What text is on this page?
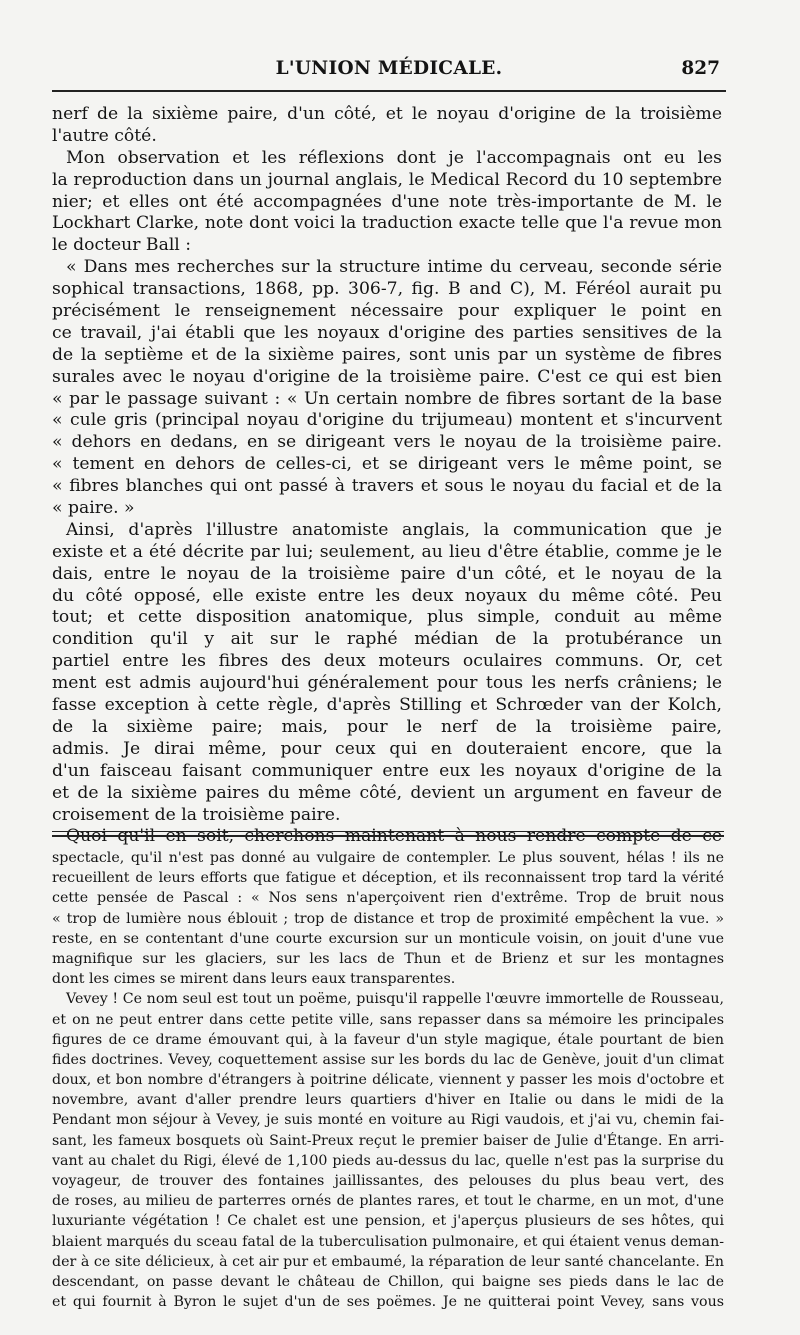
L'UNION MÉDICALE.	827
nerf de la sixième paire, d'un côté, et le noyau d'origine de la troisième
l'autre côté.
Mon observation et les réflexions dont je l'accompagnais ont eu les
la reproduction dans un journal anglais, le Medical Record du 10 septembre
nier; et elles ont été accompagnées d'une note très-importante de M. le
Lockhart Clarke, note dont voici la traduction exacte telle que l'a revue mon
le docteur Ball :
« Dans mes recherches sur la structure intime du cerveau, seconde série
sophical transactions, 1868, pp. 306-7, fig. B and C), M. Féréol aurait pu
précisément le renseignement nécessaire pour expliquer le point en
ce travail, j'ai établi que les noyaux d'origine des parties sensitives de la
de la septième et de la sixième paires, sont unis par un système de fibres
surales avec le noyau d'origine de la troisième paire. C'est ce qui est bien
« par le passage suivant : « Un certain nombre de fibres sortant de la base
« cule gris (principal noyau d'origine du trijumeau) montent et s'incurvent
« dehors en dedans, en se dirigeant vers le noyau de la troisième paire.
« tement en dehors de celles-ci, et se dirigeant vers le même point, se
« fibres blanches qui ont passé à travers et sous le noyau du facial et de la
« paire. »
Ainsi, d'après l'illustre anatomiste anglais, la communication que je
existe et a été décrite par lui; seulement, au lieu d'être établie, comme je le
dais, entre le noyau de la troisième paire d'un côté, et le noyau de la
du côté opposé, elle existe entre les deux noyaux du même côté. Peu
tout; et cette disposition anatomique, plus simple, conduit au même
condition qu'il y ait sur le raphé médian de la protubérance un
partiel entre les fibres des deux moteurs oculaires communs. Or, cet
ment est admis aujourd'hui généralement pour tous les nerfs crâniens; le
fasse exception à cette règle, d'après Stilling et Schrœder van der Kolch,
de la sixième paire; mais, pour le nerf de la troisième paire,
admis. Je dirai même, pour ceux qui en douteraient encore, que la
d'un faisceau faisant communiquer entre eux les noyaux d'origine de la
et de la sixième paires du même côté, devient un argument en faveur de
croisement de la troisième paire.
Quoi qu'il en soit, cherchons maintenant à nous rendre compte de ce
spectacle, qu'il n'est pas donné au vulgaire de contempler. Le plus souvent, hélas ! ils ne
recueillent de leurs efforts que fatigue et déception, et ils reconnaissent trop tard la vérité
cette pensée de Pascal : « Nos sens n'aperçoivent rien d'extrême. Trop de bruit nous
« trop de lumière nous éblouit ; trop de distance et trop de proximité empêchent la vue. »
reste, en se contentant d'une courte excursion sur un monticule voisin, on jouit d'une vue
magnifique sur les glaciers, sur les lacs de Thun et de Brienz et sur les montagnes
dont les cimes se mirent dans leurs eaux transparentes.
Vevey ! Ce nom seul est tout un poëme, puisqu'il rappelle l'œuvre immortelle de Rousseau,
et on ne peut entrer dans cette petite ville, sans repasser dans sa mémoire les principales
figures de ce drame émouvant qui, à la faveur d'un style magique, étale pourtant de bien
fides doctrines. Vevey, coquettement assise sur les bords du lac de Genève, jouit d'un climat
doux, et bon nombre d'étrangers à poitrine délicate, viennent y passer les mois d'octobre et
novembre, avant d'aller prendre leurs quartiers d'hiver en Italie ou dans le midi de la
Pendant mon séjour à Vevey, je suis monté en voiture au Rigi vaudois, et j'ai vu, chemin fai-
sant, les fameux bosquets où Saint-Preux reçut le premier baiser de Julie d'Étange. En arri-
vant au chalet du Rigi, élevé de 1,100 pieds au-dessus du lac, quelle n'est pas la surprise du
voyageur, de trouver des fontaines jaillissantes, des pelouses du plus beau vert, des
de roses, au milieu de parterres ornés de plantes rares, et tout le charme, en un mot, d'une
luxuriante végétation ! Ce chalet est une pension, et j'aperçus plusieurs de ses hôtes, qui
blaient marqués du sceau fatal de la tuberculisation pulmonaire, et qui étaient venus deman-
der à ce site délicieux, à cet air pur et embaumé, la réparation de leur santé chancelante. En
descendant, on passe devant le château de Chillon, qui baigne ses pieds dans le lac de
et qui fournit à Byron le sujet d'un de ses poëmes. Je ne quitterai point Vevey, sans vous
